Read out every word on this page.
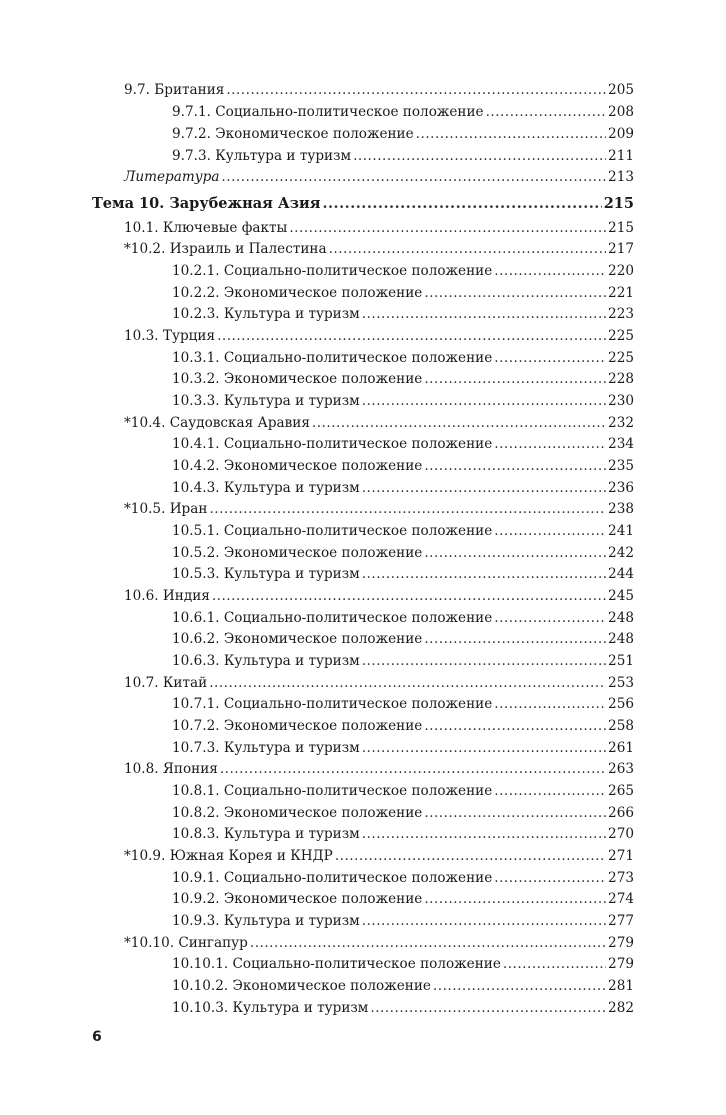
9.7. Британия .....	205
9.7.1. Социально-политическое положение .....	208
9.7.2. Экономическое положение .....	209
9.7.3. Культура и туризм .....	211
Литература .....	213
Тема 10. Зарубежная Азия .....	215
10.1. Ключевые факты .....	215
*10.2. Израиль и Палестина .....	217
10.2.1. Социально-политическое положение .....	220
10.2.2. Экономическое положение .....	221
10.2.3. Культура и туризм .....	223
10.3. Турция .....	225
10.3.1. Социально-политическое положение .....	225
10.3.2. Экономическое положение .....	228
10.3.3. Культура и туризм .....	230
*10.4. Саудовская Аравия .....	232
10.4.1. Социально-политическое положение .....	234
10.4.2. Экономическое положение .....	235
10.4.3. Культура и туризм .....	236
*10.5. Иран .....	238
10.5.1. Социально-политическое положение .....	241
10.5.2. Экономическое положение .....	242
10.5.3. Культура и туризм .....	244
10.6. Индия .....	245
10.6.1. Социально-политическое положение .....	248
10.6.2. Экономическое положение .....	248
10.6.3. Культура и туризм .....	251
10.7. Китай .....	253
10.7.1. Социально-политическое положение .....	256
10.7.2. Экономическое положение .....	258
10.7.3. Культура и туризм .....	261
10.8. Япония .....	263
10.8.1. Социально-политическое положение .....	265
10.8.2. Экономическое положение .....	266
10.8.3. Культура и туризм .....	270
*10.9. Южная Корея и КНДР .....	271
10.9.1. Социально-политическое положение .....	273
10.9.2. Экономическое положение .....	274
10.9.3. Культура и туризм .....	277
*10.10. Сингапур .....	279
10.10.1. Социально-политическое положение .....	279
10.10.2. Экономическое положение .....	281
10.10.3. Культура и туризм .....	282
6
